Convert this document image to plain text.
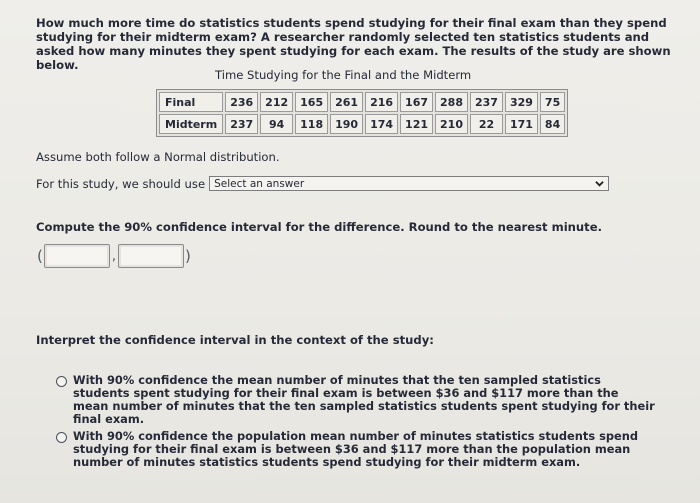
How much more time do statistics students spend studying for their final exam than they spend studying for their midterm exam? A researcher randomly selected ten statistics students and asked how many minutes they spent studying for each exam. The results of the study are shown below.
Time Studying for the Final and the Midterm
Final	236	212	165	261	216	167	288	237	329	75
Midterm	237	94	118	190	174	121	210	22	171	84
Assume both follow a Normal distribution.
For this study, we should use Select an answer
Compute the 90% confidence interval for the difference. Round to the nearest minute.
(	,	)
Interpret the confidence interval in the context of the study:
With 90% confidence the mean number of minutes that the ten sampled statistics students spent studying for their final exam is between $36 and $117 more than the mean number of minutes that the ten sampled statistics students spent studying for their final exam.
With 90% confidence the population mean number of minutes statistics students spend studying for their final exam is between $36 and $117 more than the population mean number of minutes statistics students spend studying for their midterm exam.
